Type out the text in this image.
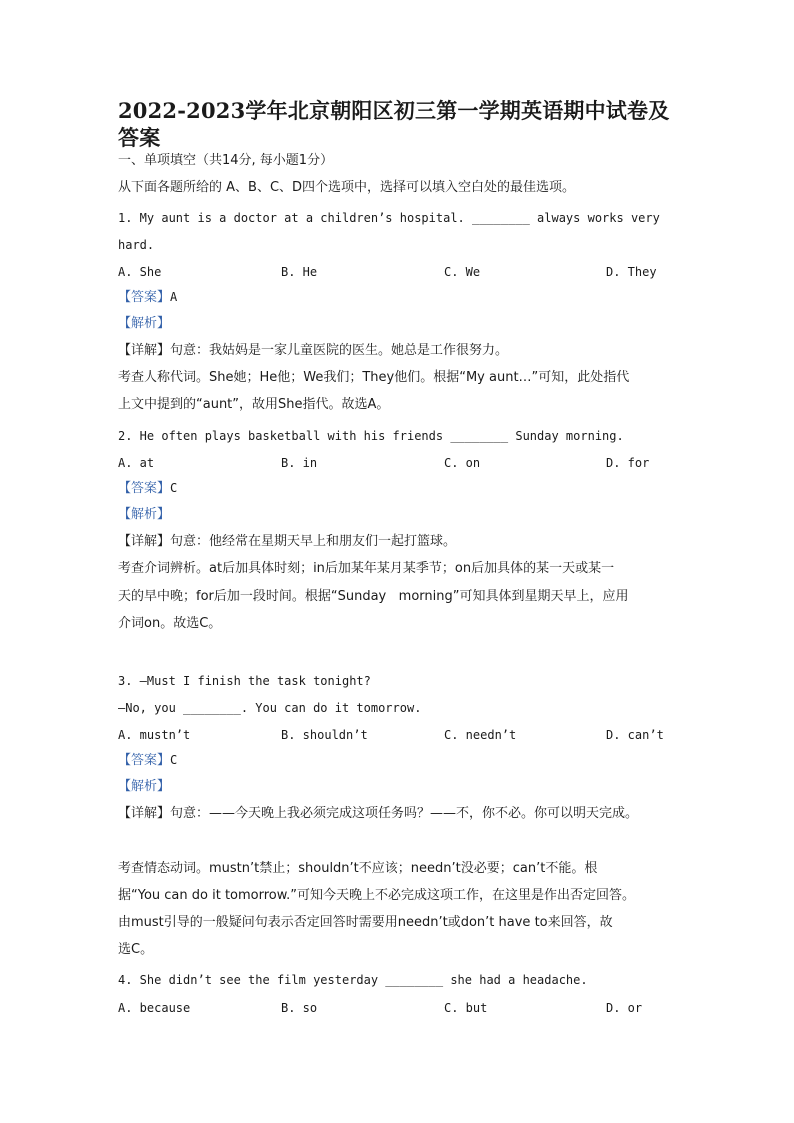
2022-2023学年北京朝阳区初三第一学期英语期中试卷及答案
一、单项填空（共14分, 每小题1分）
从下面各题所给的 A、B、C、D四个选项中，选择可以填入空白处的最佳选项。
1. My aunt is a doctor at a children’s hospital. ________ always works very
hard.
A. She	B. He	C. We	D. They
【答案】A
【解析】
【详解】句意：我姑妈是一家儿童医院的医生。她总是工作很努力。
考查人称代词。She她；He他；We我们；They他们。根据“My aunt…”可知，此处指代
上文中提到的“aunt”，故用She指代。故选A。
2. He often plays basketball with his friends ________ Sunday morning.
A. at	B. in	C. on	D. for
【答案】C
【解析】
【详解】句意：他经常在星期天早上和朋友们一起打篮球。
考查介词辨析。at后加具体时刻；in后加某年某月某季节；on后加具体的某一天或某一
天的早中晚；for后加一段时间。根据“Sunday   morning”可知具体到星期天早上，应用
介词on。故选C。
3. —Must I finish the task tonight?
—No, you ________. You can do it tomorrow.
A. mustn’t	B. shouldn’t	C. needn’t	D. can’t
【答案】C
【解析】
【详解】句意：——今天晚上我必须完成这项任务吗？——不，你不必。你可以明天完成。
考查情态动词。mustn’t禁止；shouldn’t不应该；needn’t没必要；can’t不能。根
据“You can do it tomorrow.”可知今天晚上不必完成这项工作，在这里是作出否定回答。
由must引导的一般疑问句表示否定回答时需要用needn’t或don’t have to来回答，故
选C。
4. She didn’t see the film yesterday ________ she had a headache.
A. because	B. so	C. but	D. or
